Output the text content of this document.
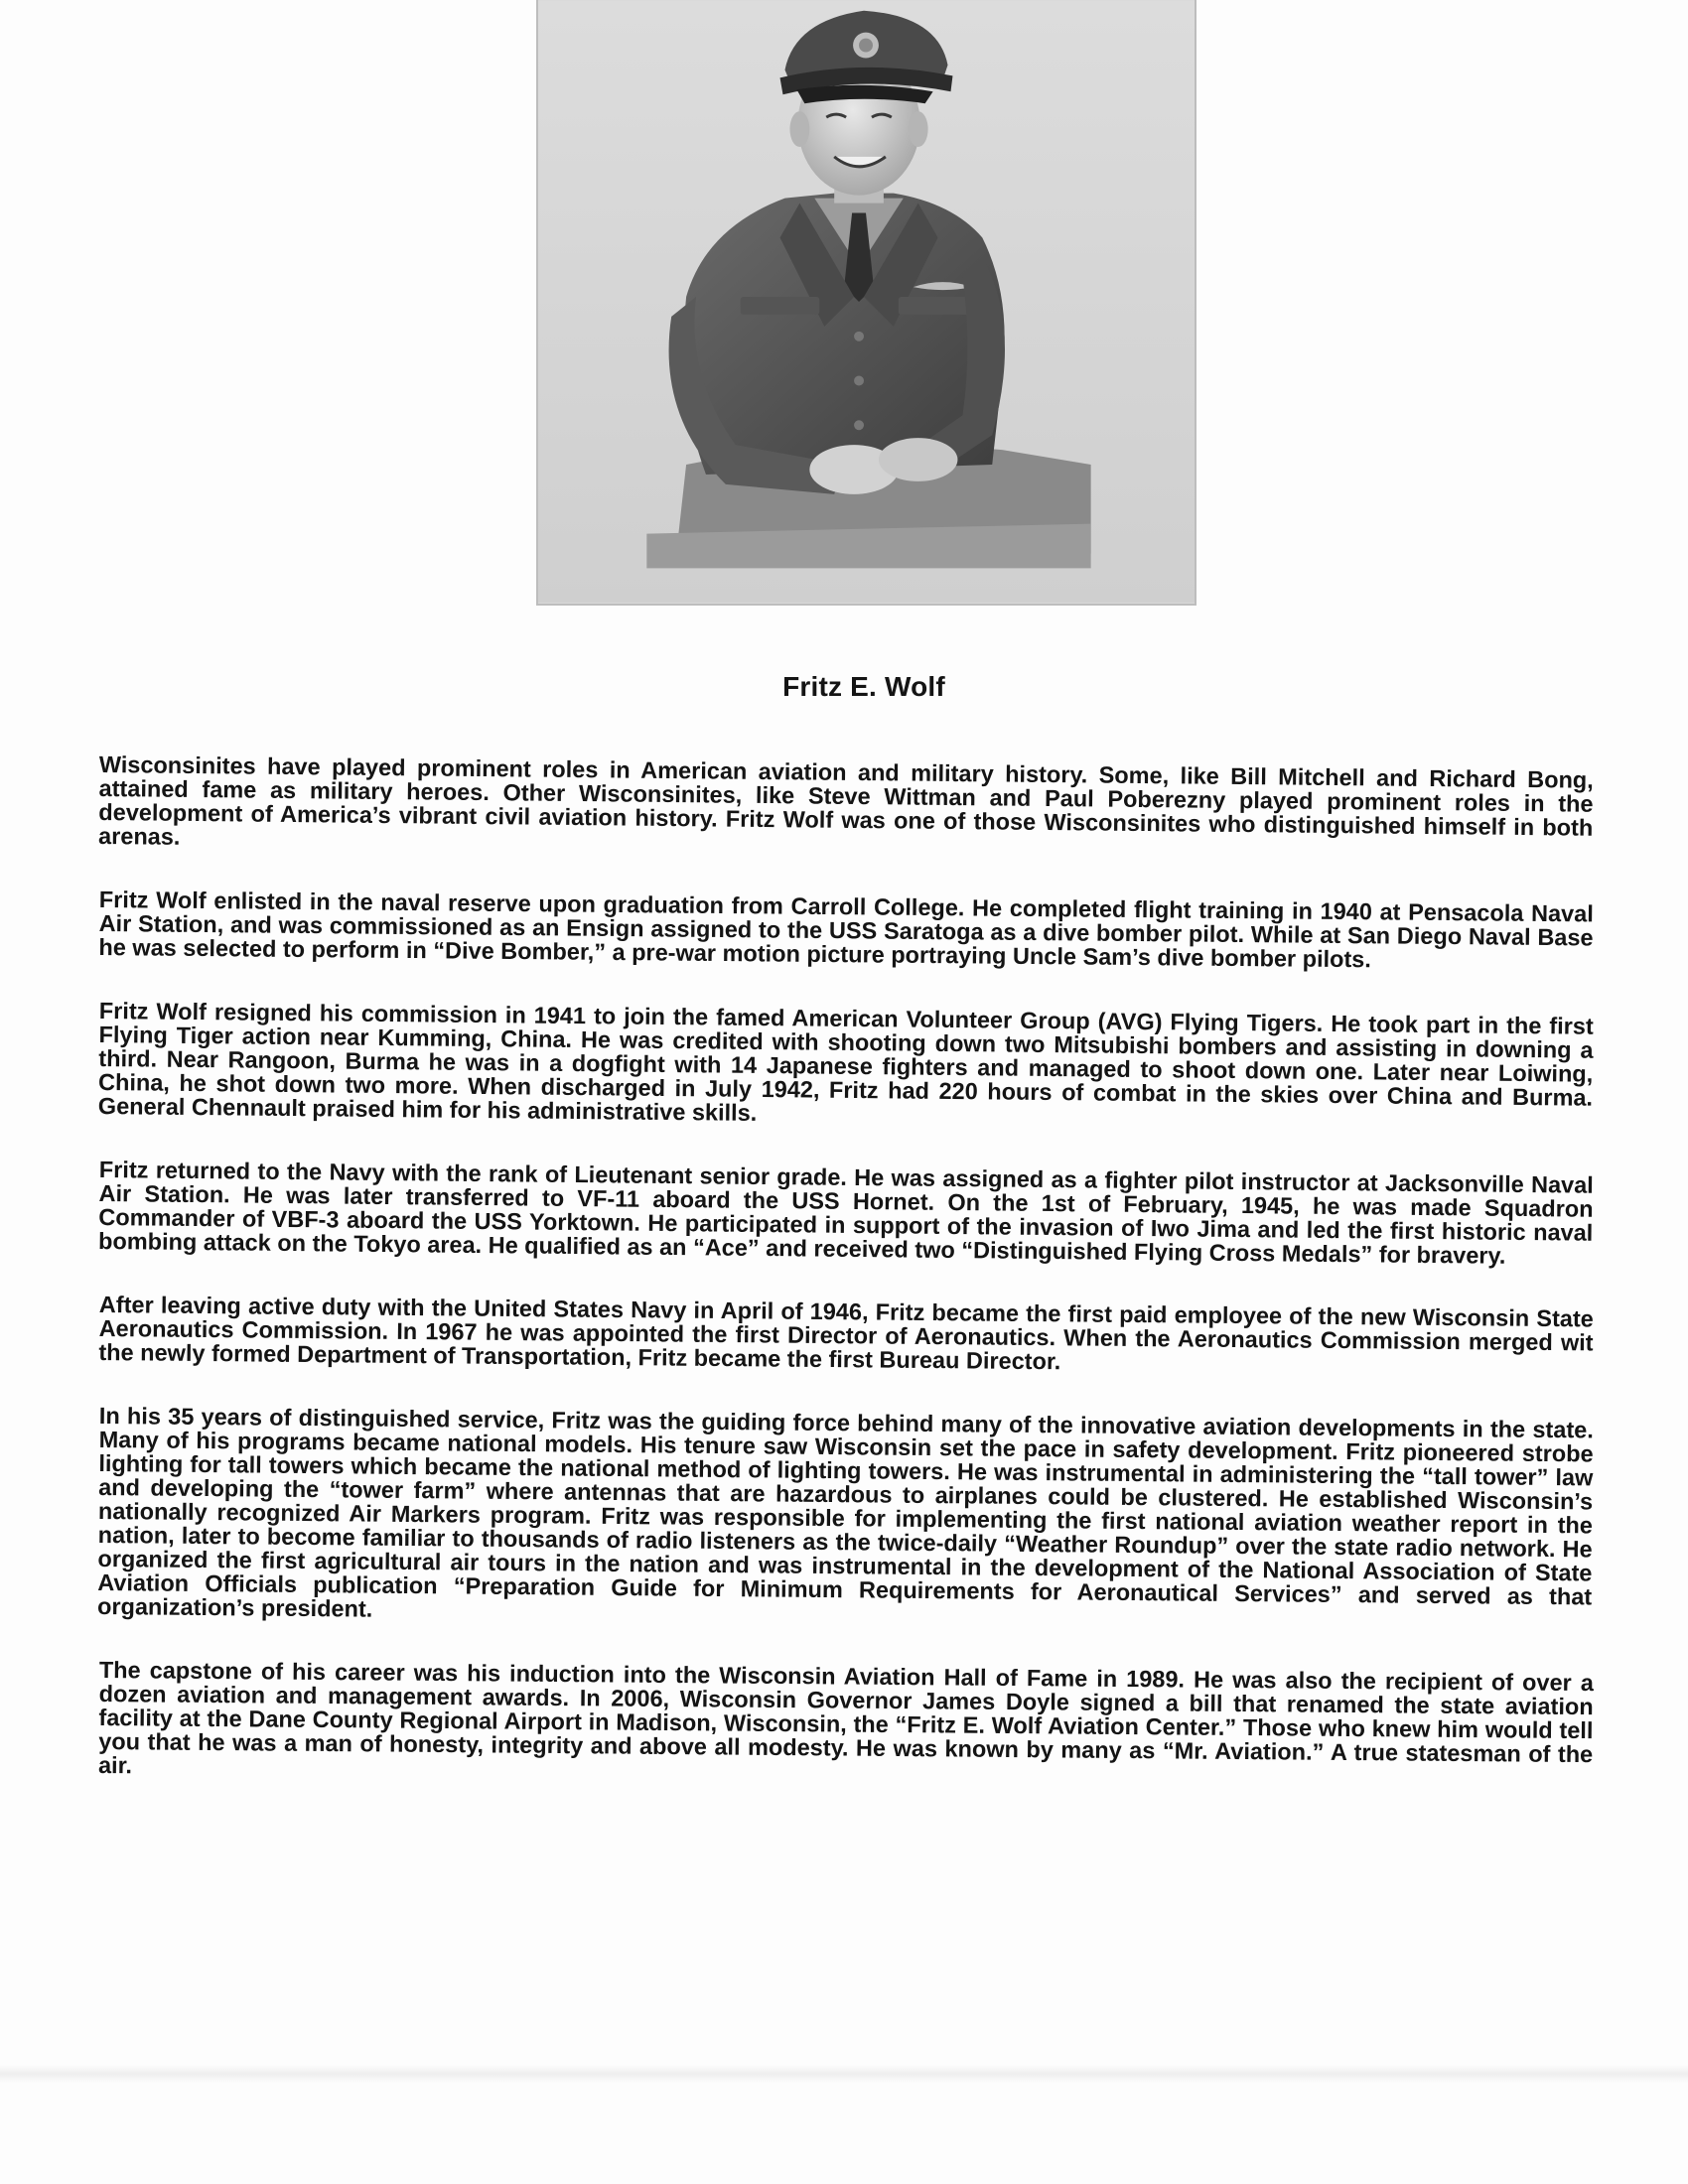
Fritz E. Wolf

Wisconsinites have played prominent roles in American aviation and military history. Some, like Bill Mitchell and Richard Bong, attained fame as military heroes. Other Wisconsinites, like Steve Wittman and Paul Poberezny played prominent roles in the development of America’s vibrant civil aviation history. Fritz Wolf was one of those Wisconsinites who distinguished himself in both arenas.

Fritz Wolf enlisted in the naval reserve upon graduation from Carroll College. He completed flight training in 1940 at Pensacola Naval Air Station, and was commissioned as an Ensign assigned to the USS Saratoga as a dive bomber pilot. While at San Diego Naval Base he was selected to perform in “Dive Bomber,” a pre-war motion picture portraying Uncle Sam’s dive bomber pilots.

Fritz Wolf resigned his commission in 1941 to join the famed American Volunteer Group (AVG) Flying Tigers. He took part in the first Flying Tiger action near Kumming, China. He was credited with shooting down two Mitsubishi bombers and assisting in downing a third. Near Rangoon, Burma he was in a dogfight with 14 Japanese fighters and managed to shoot down one. Later near Loiwing, China, he shot down two more. When discharged in July 1942, Fritz had 220 hours of combat in the skies over China and Burma. General Chennault praised him for his administrative skills.

Fritz returned to the Navy with the rank of Lieutenant senior grade. He was assigned as a fighter pilot instructor at Jacksonville Naval Air Station. He was later transferred to VF-11 aboard the USS Hornet. On the 1st of February, 1945, he was made Squadron Commander of VBF-3 aboard the USS Yorktown. He participated in support of the invasion of Iwo Jima and led the first historic naval bombing attack on the Tokyo area. He qualified as an “Ace” and received two “Distinguished Flying Cross Medals” for bravery.

After leaving active duty with the United States Navy in April of 1946, Fritz became the first paid employee of the new Wisconsin State Aeronautics Commission. In 1967 he was appointed the first Director of Aeronautics. When the Aeronautics Commission merged wit the newly formed Department of Transportation, Fritz became the first Bureau Director.

In his 35 years of distinguished service, Fritz was the guiding force behind many of the innovative aviation developments in the state. Many of his programs became national models. His tenure saw Wisconsin set the pace in safety development. Fritz pioneered strobe lighting for tall towers which became the national method of lighting towers. He was instrumental in administering the “tall tower” law and developing the “tower farm” where antennas that are hazardous to airplanes could be clustered. He established Wisconsin’s nationally recognized Air Markers program. Fritz was responsible for implementing the first national aviation weather report in the nation, later to become familiar to thousands of radio listeners as the twice-daily “Weather Roundup” over the state radio network. He organized the first agricultural air tours in the nation and was instrumental in the development of the National Association of State Aviation Officials publication “Preparation Guide for Minimum Requirements for Aeronautical Services” and served as that organization’s president.

The capstone of his career was his induction into the Wisconsin Aviation Hall of Fame in 1989. He was also the recipient of over a dozen aviation and management awards. In 2006, Wisconsin Governor James Doyle signed a bill that renamed the state aviation facility at the Dane County Regional Airport in Madison, Wisconsin, the “Fritz E. Wolf Aviation Center.” Those who knew him would tell you that he was a man of honesty, integrity and above all modesty. He was known by many as “Mr. Aviation.” A true statesman of the air.
